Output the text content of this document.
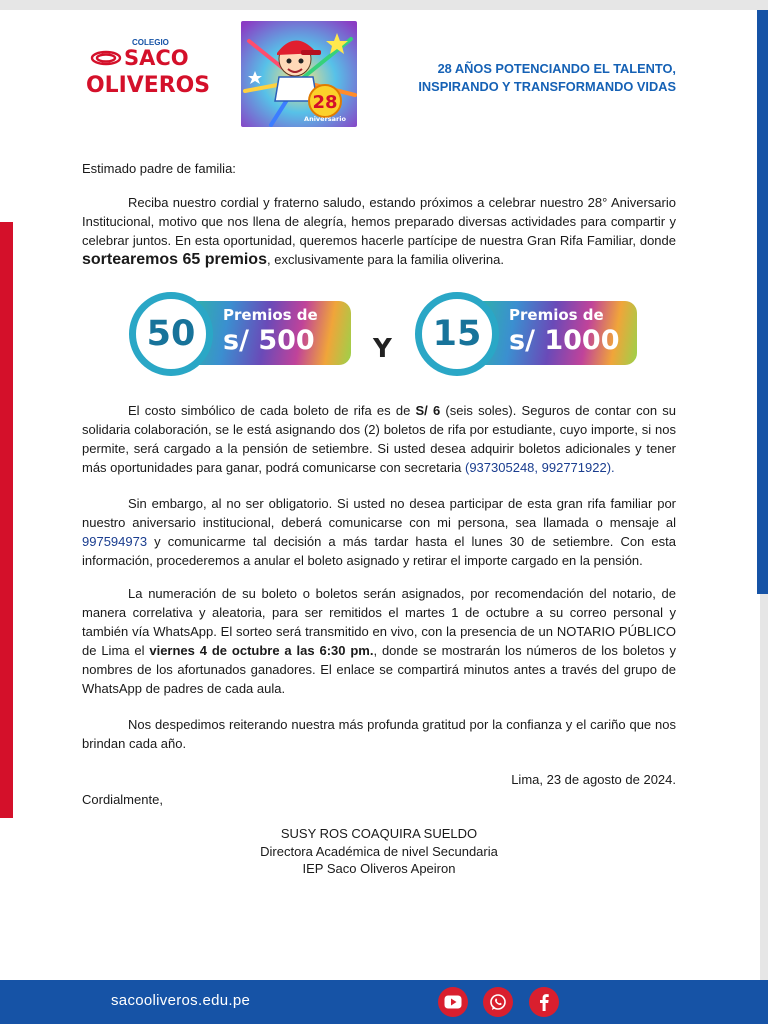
COLEGIO
SACO
OLIVEROS
28
Aniversario
28 AÑOS POTENCIANDO EL TALENTO,
INSPIRANDO Y TRANSFORMANDO VIDAS
Estimado padre de familia:
Reciba nuestro cordial y fraterno saludo, estando próximos a celebrar nuestro 28° Aniversario Institucional, motivo que nos llena de alegría, hemos preparado diversas actividades para compartir y celebrar juntos. En esta oportunidad, queremos hacerle partícipe de nuestra Gran Rifa Familiar, donde sortearemos 65 premios, exclusivamente para la familia oliverina.
Premios de
s/ 500
50	Y
Premios de
s/ 1000
15
El costo simbólico de cada boleto de rifa es de S/ 6 (seis soles). Seguros de contar con su solidaria colaboración, se le está asignando dos (2) boletos de rifa por estudiante, cuyo importe, si nos permite, será cargado a la pensión de setiembre. Si usted desea adquirir boletos adicionales y tener más oportunidades para ganar, podrá comunicarse con secretaria (937305248, 992771922).
Sin embargo, al no ser obligatorio. Si usted no desea participar de esta gran rifa familiar por nuestro aniversario institucional, deberá comunicarse con mi persona, sea llamada o mensaje al 997594973 y comunicarme tal decisión a más tardar hasta el lunes 30 de setiembre. Con esta información, procederemos a anular el boleto asignado y retirar el importe cargado en la pensión.
La numeración de su boleto o boletos serán asignados, por recomendación del notario, de manera correlativa y aleatoria, para ser remitidos el martes 1 de octubre a su correo personal y también vía WhatsApp. El sorteo será transmitido en vivo, con la presencia de un NOTARIO PÚBLICO de Lima el viernes 4 de octubre a las 6:30 pm., donde se mostrarán los números de los boletos y nombres de los afortunados ganadores. El enlace se compartirá minutos antes a través del grupo de WhatsApp de padres de cada aula.
Nos despedimos reiterando nuestra más profunda gratitud por la confianza y el cariño que nos brindan cada año.
Lima, 23 de agosto de 2024.
Cordialmente,
SUSY ROS COAQUIRA SUELDO
Directora Académica de nivel Secundaria
IEP Saco Oliveros Apeiron
sacooliveros.edu.pe
